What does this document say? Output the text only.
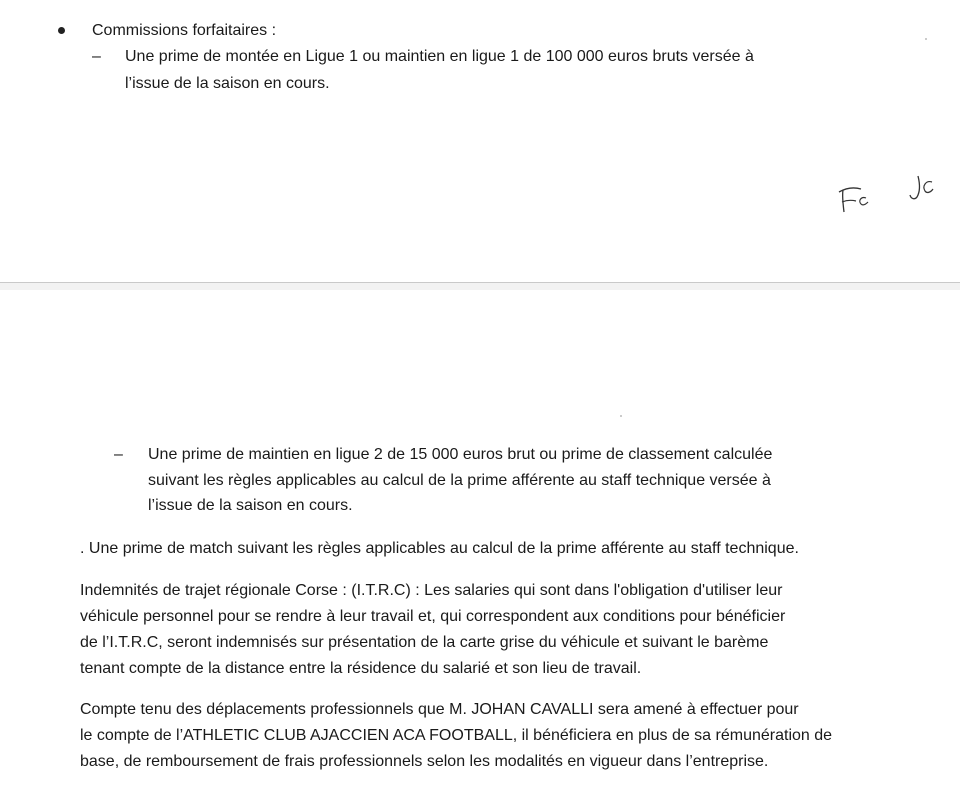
Commissions forfaitaires :
– Une prime de montée en Ligue 1 ou maintien en ligue 1 de 100 000 euros bruts versée à
l’issue de la saison en cours.
– Une prime de maintien en ligue 2 de 15 000 euros brut ou prime de classement calculée
suivant les règles applicables au calcul de la prime afférente au staff technique versée à
l’issue de la saison en cours.
. Une prime de match suivant les règles applicables au calcul de la prime afférente au staff technique.
Indemnités de trajet régionale Corse : (I.T.R.C) : Les salaries qui sont dans l'obligation d'utiliser leur
véhicule personnel pour se rendre à leur travail et, qui correspondent aux conditions pour bénéficier
de l’I.T.R.C, seront indemnisés sur présentation de la carte grise du véhicule et suivant le barème
tenant compte de la distance entre la résidence du salarié et son lieu de travail.
Compte tenu des déplacements professionnels que M. JOHAN CAVALLI sera amené à effectuer pour
le compte de l’ATHLETIC CLUB AJACCIEN ACA FOOTBALL, il bénéficiera en plus de sa rémunération de
base, de remboursement de frais professionnels selon les modalités en vigueur dans l’entreprise.
